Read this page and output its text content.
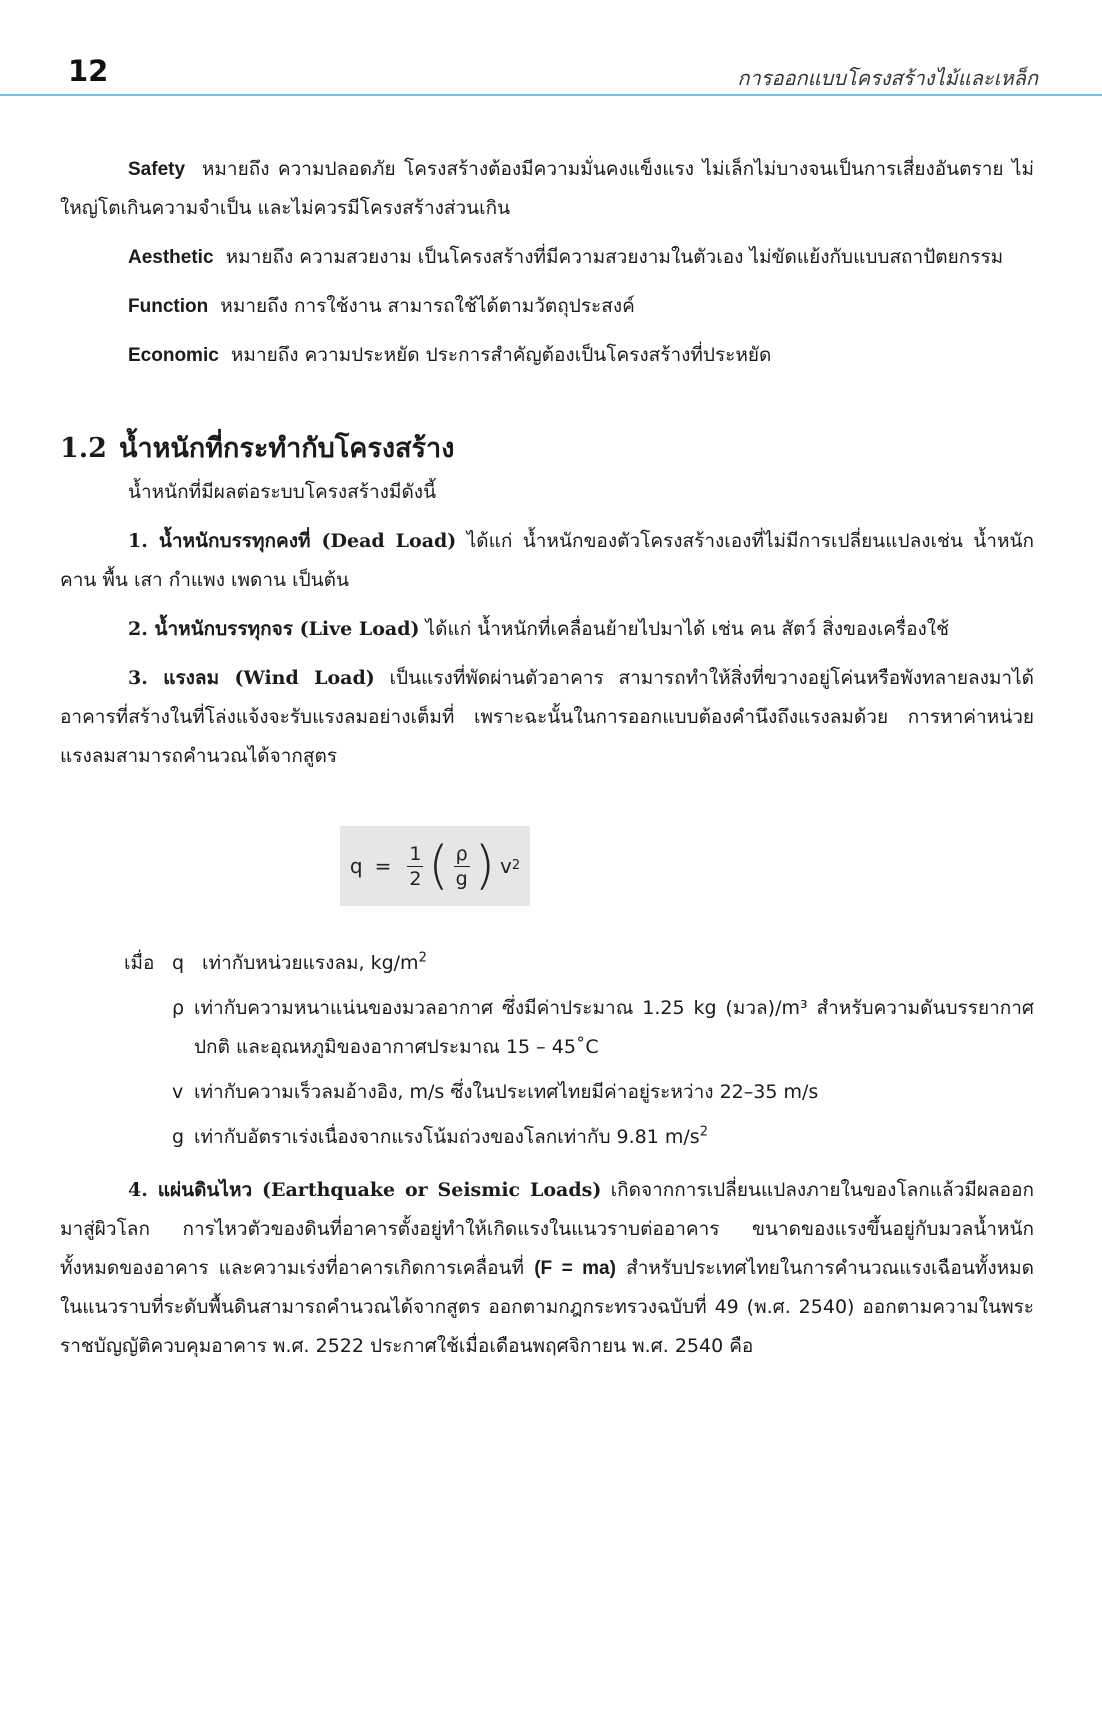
12	การออกแบบโครงสร้างไม้และเหล็ก

Safety หมายถึง ความปลอดภัย โครงสร้างต้องมีความมั่นคงแข็งแรง ไม่เล็กไม่บางจนเป็นการเสี่ยงอันตราย ไม่ใหญ่โตเกินความจำเป็น และไม่ควรมีโครงสร้างส่วนเกิน

Aesthetic หมายถึง ความสวยงาม เป็นโครงสร้างที่มีความสวยงามในตัวเอง ไม่ขัดแย้งกับแบบสถาปัตยกรรม

Function หมายถึง การใช้งาน สามารถใช้ได้ตามวัตถุประสงค์

Economic หมายถึง ความประหยัด ประการสำคัญต้องเป็นโครงสร้างที่ประหยัด

1.2 น้ำหนักที่กระทำกับโครงสร้าง

น้ำหนักที่มีผลต่อระบบโครงสร้างมีดังนี้

1. น้ำหนักบรรทุกคงที่ (Dead Load) ได้แก่ น้ำหนักของตัวโครงสร้างเองที่ไม่มีการเปลี่ยนแปลงเช่น น้ำหนักคาน พื้น เสา กำแพง เพดาน เป็นต้น

2. น้ำหนักบรรทุกจร (Live Load) ได้แก่ น้ำหนักที่เคลื่อนย้ายไปมาได้ เช่น คน สัตว์ สิ่งของเครื่องใช้

3. แรงลม (Wind Load) เป็นแรงที่พัดผ่านตัวอาคาร สามารถทำให้สิ่งที่ขวางอยู่โค่นหรือพังทลายลงมาได้ อาคารที่สร้างในที่โล่งแจ้งจะรับแรงลมอย่างเต็มที่ เพราะฉะนั้นในการออกแบบต้องคำนึงถึงแรงลมด้วย การหาค่าหน่วยแรงลมสามารถคำนวณได้จากสูตร

$q = \frac{1}{2}$ ( $\frac{\rho}{g}$ ) v 2
เมื่อ q เท่ากับหน่วยแรงลม, $kg/m^2$
ρ เท่ากับความหนาแน่นของมวลอากาศ ซึ่งมีค่าประมาณ 1.25 kg (มวล)/m³ สำหรับความดันบรรยากาศปกติ และอุณหภูมิของอากาศประมาณ 15 – 45˚C
v เท่ากับความเร็วลมอ้างอิง, m/s ซึ่งในประเทศไทยมีค่าอยู่ระหว่าง 22–35 m/s
g เท่ากับอัตราเร่งเนื่องจากแรงโน้มถ่วงของโลกเท่ากับ 9.81 $m/s^2$

4. แผ่นดินไหว (Earthquake or Seismic Loads) เกิดจากการเปลี่ยนแปลงภายในของโลกแล้วมีผลออกมาสู่ผิวโลก การไหวตัวของดินที่อาคารตั้งอยู่ทำให้เกิดแรงในแนวราบต่ออาคาร ขนาดของแรงขึ้นอยู่กับมวลน้ำหนักทั้งหมดของอาคาร และความเร่งที่อาคารเกิดการเคลื่อนที่ (F = ma) สำหรับประเทศไทยในการคำนวณแรงเฉือนทั้งหมดในแนวราบที่ระดับพื้นดินสามารถคำนวณได้จากสูตร ออกตามกฎกระทรวงฉบับที่ 49 (พ.ศ. 2540) ออกตามความในพระราชบัญญัติควบคุมอาคาร พ.ศ. 2522 ประกาศใช้เมื่อเดือนพฤศจิกายน พ.ศ. 2540 คือ
